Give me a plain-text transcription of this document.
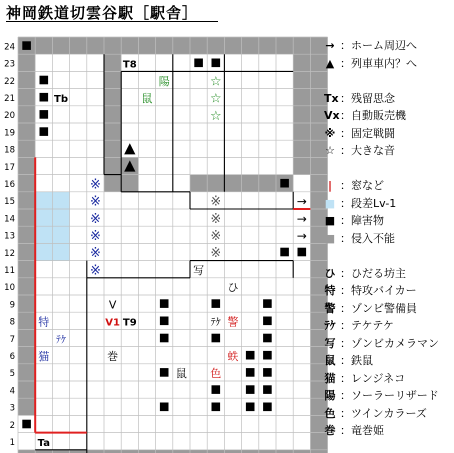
神岡鉄道切雲谷駅［駅舎］
※
※
※
※
※
※
※
※
※
※
☆
☆
☆
→
→
→
1
2
3
4
5
6
7
8
9
10
11
12
13
14
15
16
17
18
19
20
21
22
23
24
T8
Tb
Ta
T9
V1
V
陽
鼠
特
ﾃｹ
猫
写
ひ
ﾃｹ 警
巻	蛈
鼠 色
→ ：ホーム周辺へ
▲ ：列車車内？へ
Tx：残留思念
Vx：自動販売機
※ ：固定戦闘
☆ ：大きな音
| ：窓など
■ ：段差Lv-1
■ ：障害物
■ ：侵入不能
ひ ：ひだる坊主
特 ：特攻バイカー
警 ：ゾンビ警備員
ﾃｹ ：テケテケ
写 ：ゾンビカメラマン
鼠 ：鉄鼠
猫 ：レンジネコ
陽 ：ソーラーリザード
色 ：ツインカラーズ
巻 ：竜巻姫
